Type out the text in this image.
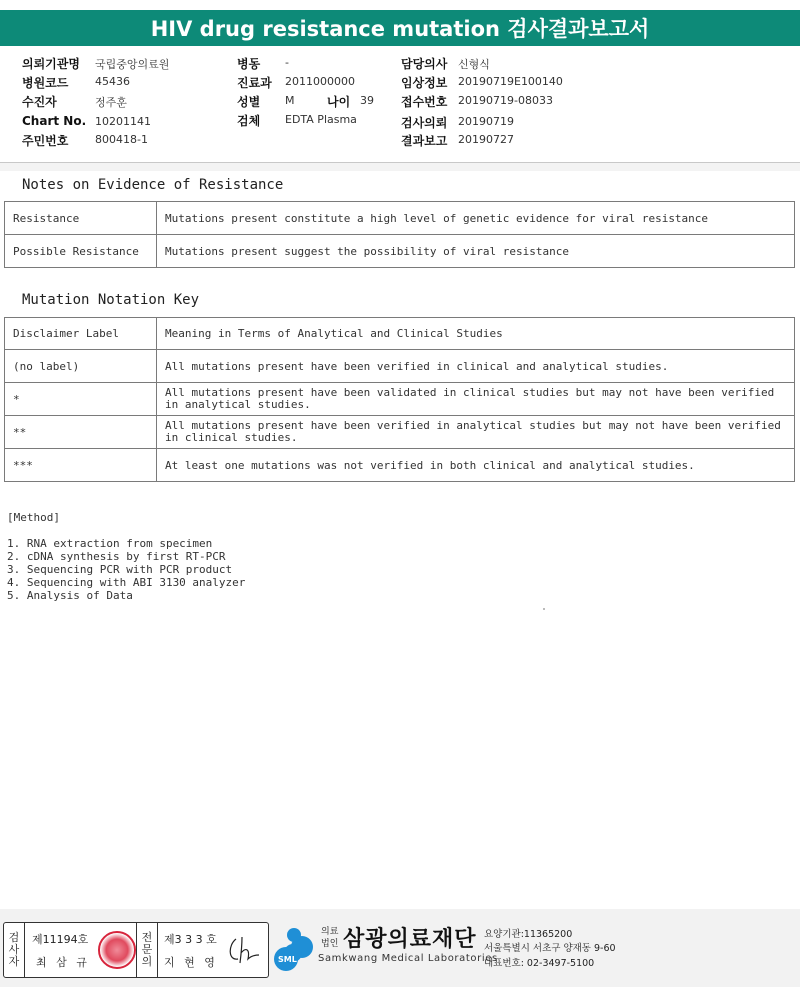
HIV drug resistance mutation 검사결과보고서
의뢰기관명 국립중앙의료원
병원코드 45436
수진자	정주훈
Chart No. 10201141
주민번호 800418-1
병동 -
진료과 2011000000
성별 M	나이 39
검체 EDTA Plasma
담당의사 신형식
임상정보 20190719E100140
접수번호 20190719-08033
검사의뢰 20190719
결과보고 20190727
Notes on Evidence of Resistance
Resistance	Mutations present constitute a high level of genetic evidence for viral resistance
Possible Resistance	Mutations present suggest the possibility of viral resistance
Mutation Notation Key
Disclaimer Label	Meaning in Terms of Analytical and Clinical Studies
(no label)	All mutations present have been verified in clinical and analytical studies.

*	All mutations present have been validated in clinical studies but may not have been verified
in analytical studies.

**	All mutations present have been verified in analytical studies but may not have been verified
in clinical studies.

***	At least one mutations was not verified in both clinical and analytical studies.
[Method]
1. RNA extraction from specimen
2. cDNA synthesis by first RT-PCR
3. Sequencing PCR with PCR product
4. Sequencing with ABI 3130 analyzer
5. Analysis of Data
검
사
자
제11194호
최 삼 규
전
문
의
제3 3 3 호
지 현 영	SML
의료
법인 삼광의료재단
Samkwang Medical Laboratories
요양기관:11365200
서울특별시 서초구 양재동 9-60
대표번호: 02-3497-5100
